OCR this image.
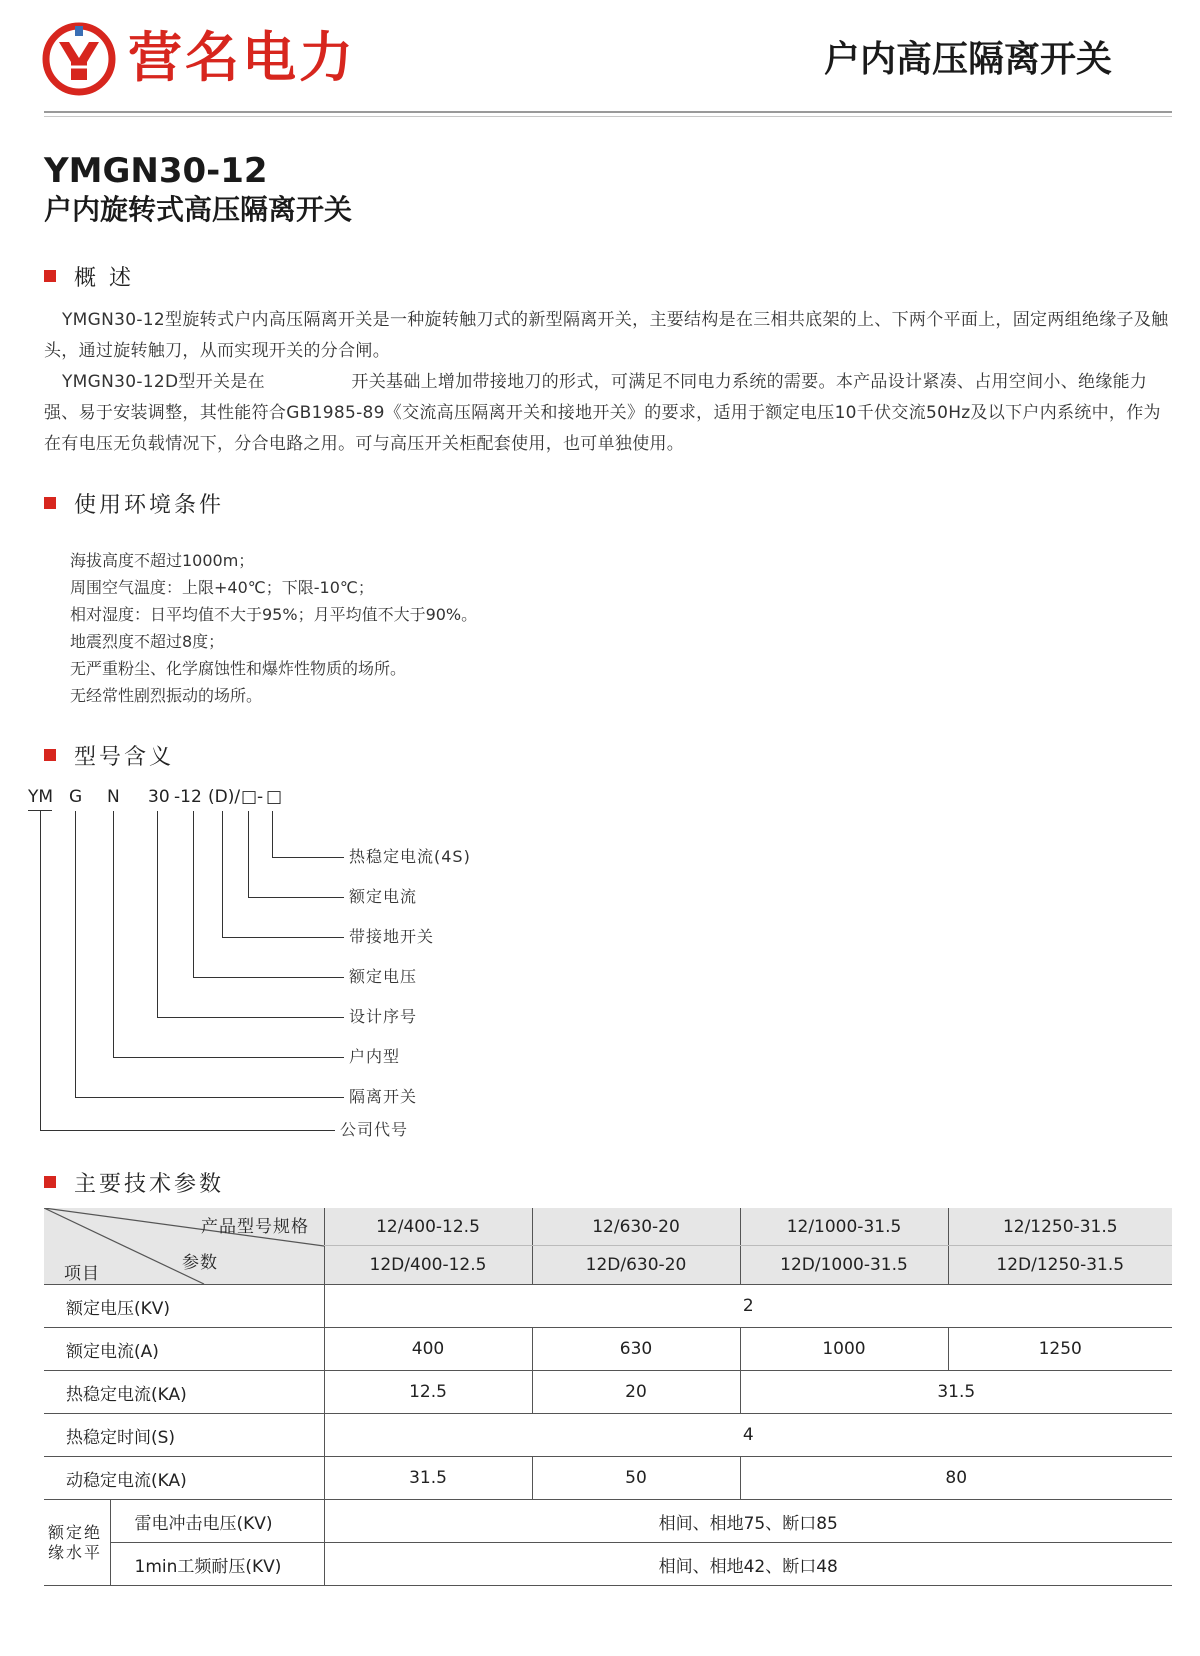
营名电力	户内高压隔离开关
YMGN30-12
户内旋转式高压隔离开关
概 述

YMGN30-12型旋转式户内高压隔离开关是一种旋转触刀式的新型隔离开关，主要结构是在三相共底架的上、下两个平面上，固定两组绝缘子及触头，通过旋转触刀，从而实现开关的分合闸。

YMGN30-12D型开关是在　　　　　开关基础上增加带接地刀的形式，可满足不同电力系统的需要。本产品设计紧凑、占用空间小、绝缘能力强、易于安装调整，其性能符合GB1985-89《交流高压隔离开关和接地开关》的要求，适用于额定电压10千伏交流50Hz及以下户内系统中，作为在有电压无负载情况下，分合电路之用。可与高压开关柜配套使用，也可单独使用。

使用环境条件
海拔高度不超过1000m；
周围空气温度：上限+40℃；下限-10℃；
相对湿度：日平均值不大于95%；月平均值不大于90%。
地震烈度不超过8度；
无严重粉尘、化学腐蚀性和爆炸性物质的场所。
无经常性剧烈振动的场所。
型号含义
YM G N 30 -12 (D)/ □ - □
热稳定电流(4S)
额定电流
带接地开关
额定电压
设计序号
户内型
隔离开关
公司代号
主要技术参数
产品型号规格
参数
项目		12/400-12.5	12/630-20	12/1000-31.5	12/1250-31.5
		12D/400-12.5	12D/630-20	12D/1000-31.5	12D/1250-31.5
额定电压(KV)		2			
额定电流(A)		400	630	1000	1250
热稳定电流(KA)		12.5	20	31.5	
热稳定时间(S)		4			
动稳定电流(KA)		31.5	50	80	
额定绝缘水平	雷电冲击电压(KV)	相间、相地75、断口85			
	1min工频耐压(KV)	相间、相地42、断口48			
